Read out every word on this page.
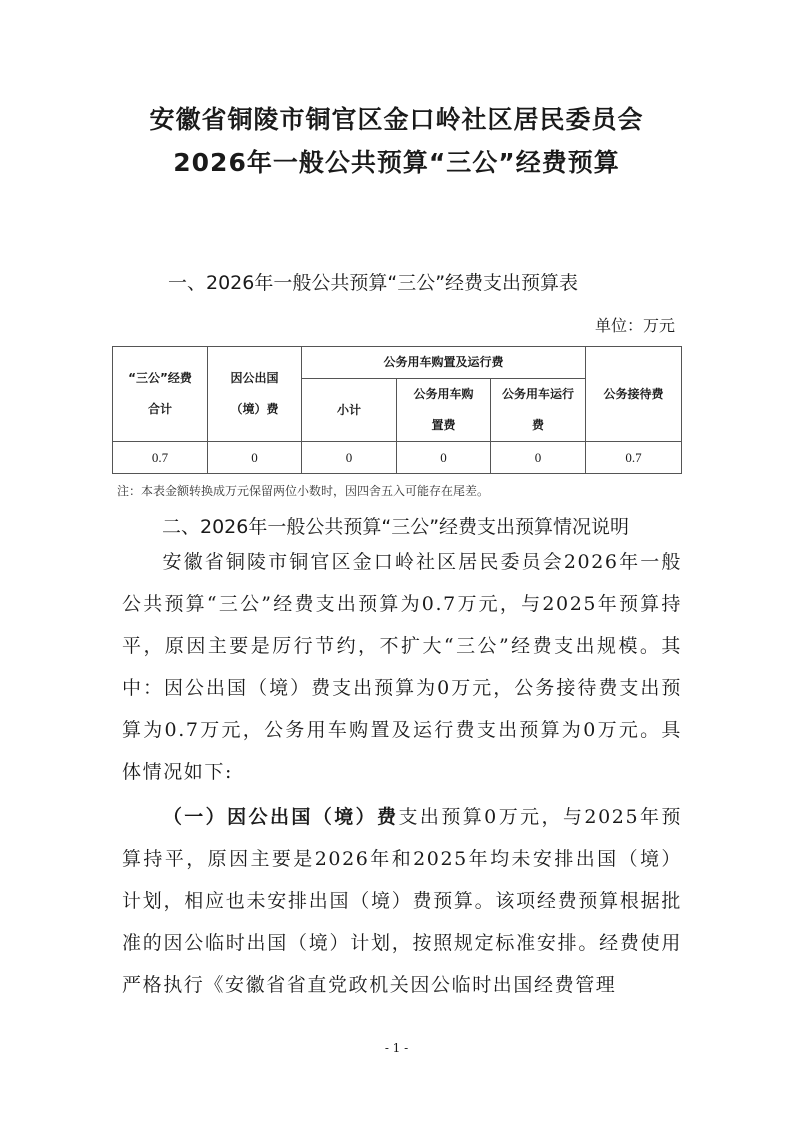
安徽省铜陵市铜官区金口岭社区居民委员会
2026年一般公共预算“三公”经费预算
一、2026年一般公共预算“三公”经费支出预算表
单位：万元
“三公”经费合计	因公出国（境）费	公务用车购置及运行费			公务接待费
		小计	公务用车购置费	公务用车运行费	
0.7	0	0	0	0	0.7
注：本表金额转换成万元保留两位小数时，因四舍五入可能存在尾差。
二、2026年一般公共预算“三公”经费支出预算情况说明
安徽省铜陵市铜官区金口岭社区居民委员会2026年一般公共预算“三公”经费支出预算为0.7万元，与2025年预算持平，原因主要是厉行节约，不扩大“三公”经费支出规模。其中：因公出国（境）费支出预算为0万元，公务接待费支出预算为0.7万元，公务用车购置及运行费支出预算为0万元。具体情况如下:
（一）因公出国（境）费支出预算0万元，与2025年预算持平，原因主要是2026年和2025年均未安排出国（境）计划，相应也未安排出国（境）费预算。该项经费预算根据批准的因公临时出国（境）计划，按照规定标准安排。经费使用严格执行《安徽省省直党政机关因公临时出国经费管理
- 1 -
